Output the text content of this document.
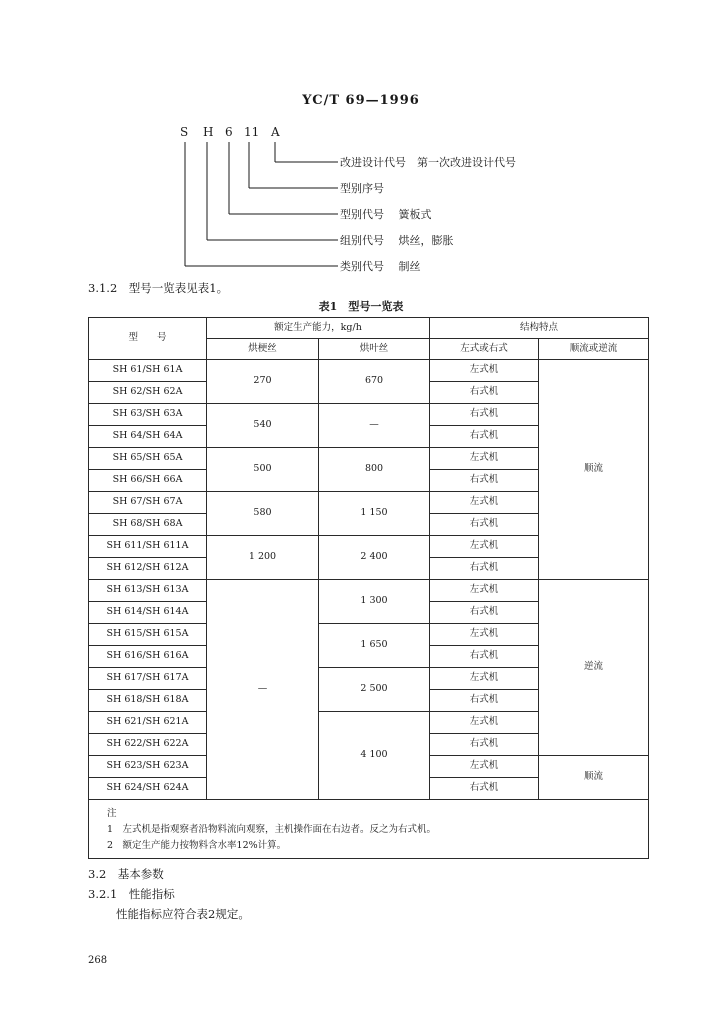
YC/T 69—1996
S H 6 11 A
改进设计代号　第一次改进设计代号
型别序号
型别代号　 簧板式
组别代号　 烘丝，膨胀
类别代号　 制丝
3.1.2　型号一览表见表1。
表1　型号一览表
型　　号	额定生产能力，kg/h		结构特点	
	烘梗丝	烘叶丝	左式或右式	顺流或逆流
SH 61/SH 61A	270	670	左式机	顺流
SH 62/SH 62A			右式机	
SH 63/SH 63A	540	—	右式机	
SH 64/SH 64A			右式机	
SH 65/SH 65A	500	800	左式机	
SH 66/SH 66A			右式机	
SH 67/SH 67A	580	1 150	左式机	
SH 68/SH 68A			右式机	
SH 611/SH 611A	1 200	2 400	左式机	
SH 612/SH 612A			右式机	
SH 613/SH 613A	—	1 300	左式机	逆流
SH 614/SH 614A			右式机	
SH 615/SH 615A		1 650	左式机	
SH 616/SH 616A			右式机	
SH 617/SH 617A		2 500	左式机	
SH 618/SH 618A			右式机	
SH 621/SH 621A		4 100	左式机	
SH 622/SH 622A			右式机	
SH 623/SH 623A			左式机	顺流
SH 624/SH 624A			右式机	

注
1　左式机是指观察者沿物料流向观察，主机操作面在右边者。反之为右式机。
2　额定生产能力按物料含水率12%计算。				
3.2　基本参数
3.2.1　性能指标
性能指标应符合表2规定。
268
